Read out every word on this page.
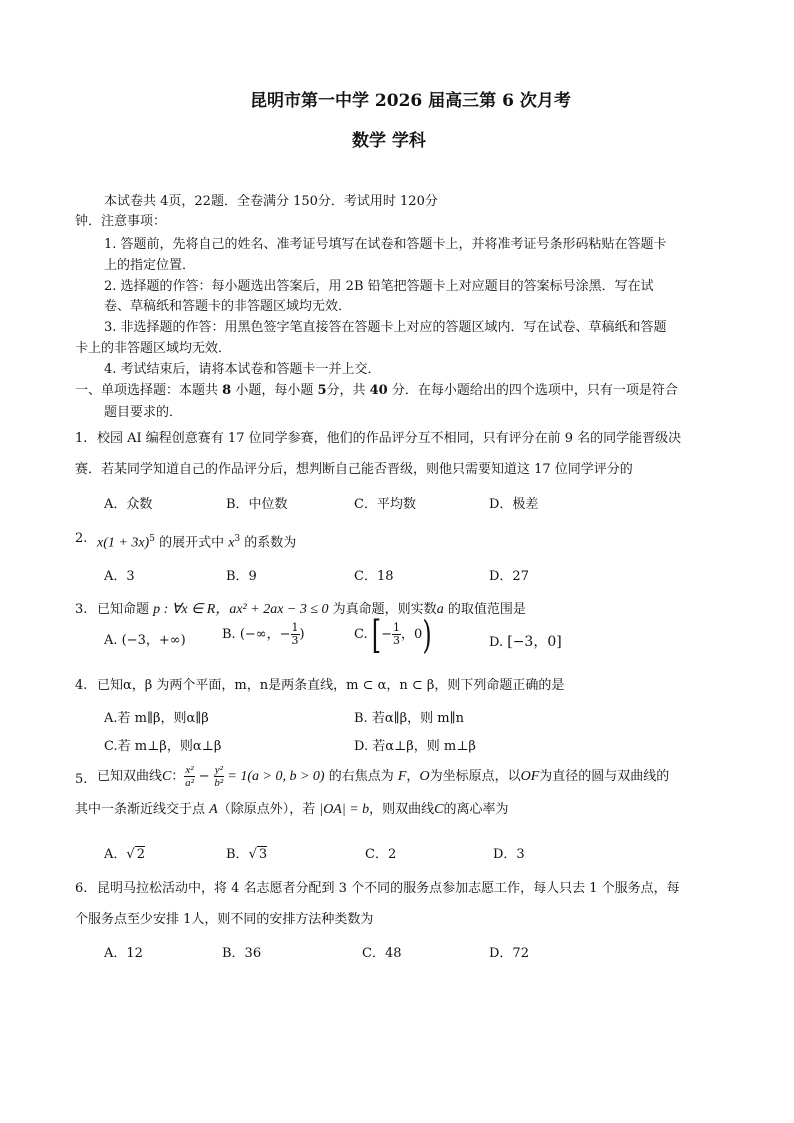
昆明市第一中学 2026 届高三第 6 次月考
数学 学科
本试卷共 4页，22题．全卷满分 150分．考试用时 120分
钟．注意事项：
1. 答题前，先将自己的姓名、准考证号填写在试卷和答题卡上，并将准考证号条形码粘贴在答题卡
上的指定位置．
2. 选择题的作答：每小题选出答案后，用 2B 铅笔把答题卡上对应题目的答案标号涂黑．写在试
卷、草稿纸和答题卡的非答题区域均无效．
3. 非选择题的作答：用黑色签字笔直接答在答题卡上对应的答题区域内．写在试卷、草稿纸和答题
卡上的非答题区域均无效．
4. 考试结束后，请将本试卷和答题卡一并上交．
一、单项选择题：本题共 8 小题，每小题 5分，共 40 分．在每小题给出的四个选项中，只有一项是符合
题目要求的．
1. 校园 AI 编程创意赛有 17 位同学参赛，他们的作品评分互不相同，只有评分在前 9 名的同学能晋级决
赛．若某同学知道自己的作品评分后，想判断自己能否晋级，则他只需要知道这 17 位同学评分的
A．众数	B．中位数	C．平均数	D．极差
2. $x(1 + 3x)^5$ 的展开式中 $x^3$ 的系数为
A．3	B．9	C．18	D．27
3. 已知命题 p : ∀x ∈ R，ax² + 2ax − 3 ≤ 0 为真命题，则实数a 的取值范围是
A. (−3，+∞)	B. (−∞，− $\frac{1}{3}$ )	C. [− $\frac{1}{3}$ ，0)	D. [−3，0]
4. 已知α，β 为两个平面，m，n是两条直线，m ⊂ α，n ⊂ β，则下列命题正确的是
A.若 m∥β，则α∥β	B. 若α∥β，则 m∥n
C.若 m⊥β，则α⊥β	D. 若α⊥β，则 m⊥β
5. 已知双曲线C： $\frac{\text{x²}}{\text{a²}} - \frac{\text{y²}}{\text{b²}} = 1(a > 0$, b > 0) 的右焦点为 F，O为坐标原点，以OF为直径的圆与双曲线的
其中一条渐近线交于点 A（除原点外），若 |OA| = b，则双曲线C的离心率为
A．√ 2	B．√ 3	C．2	D．3
6. 昆明马拉松活动中，将 4 名志愿者分配到 3 个不同的服务点参加志愿工作，每人只去 1 个服务点，每
个服务点至少安排 1人，则不同的安排方法种类数为
A．12	B．36	C．48	D．72
